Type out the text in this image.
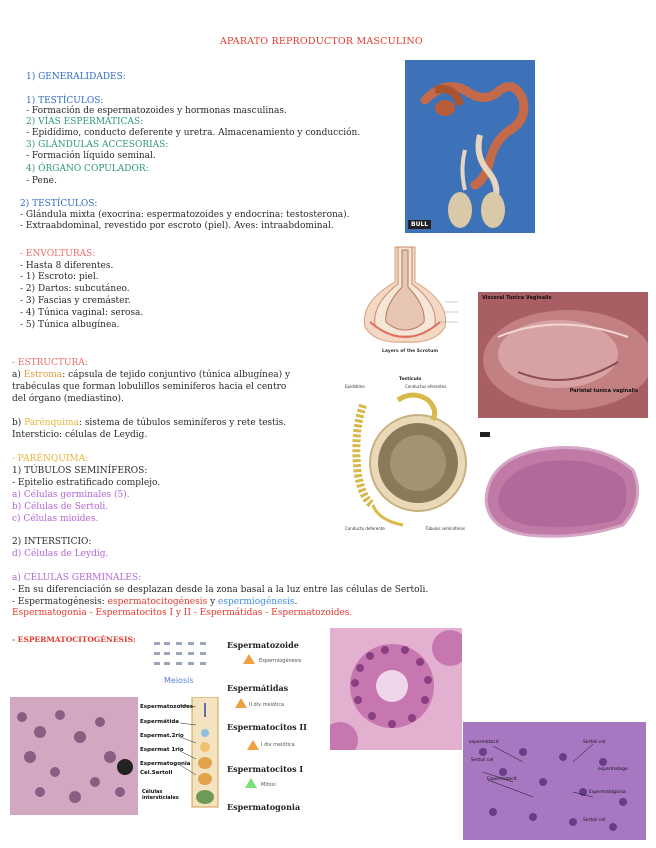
APARATO REPRODUCTOR MASCULINO
1) GENERALIDADES:
1) TESTÍCULOS:
- Formación de espermatozoides y hormonas masculinas.
2) VÍAS ESPERMÁTICAS:
- Epidídimo, conducto deferente y uretra. Almacenamiento y conducción.
3) GLÁNDULAS ACCESORIAS:
- Formación líquido seminal.
4) ÓRGANO COPULADOR:
- Pene.
2) TESTÍCULOS:
- Glándula mixta (exocrina: espermatozoides y endocrina: testosterona).
- Extraabdominal, revestido por escroto (piel). Aves: intraabdominal.
- ENVOLTURAS:
- Hasta 8 diferentes.
- 1) Escroto: piel.
- 2) Dartos: subcutáneo.
- 3) Fascias y cremáster.
- 4) Túnica vaginal: serosa.
- 5) Túnica albugínea.
- ESTRUCTURA:
a) Estroma: cápsula de tejido conjuntivo (túnica albugínea) y
trabéculas que forman lobulillos seminíferos hacia el centro
del órgano (mediastino).
b) Parénquima: sistema de túbulos seminíferos y rete testis.
Intersticio: células de Leydig.
- PARÉNQUIMA:
1) TÚBULOS SEMINÍFEROS:
- Epitelio estratificado complejo.
a) Células germinales (5).
b) Células de Sertoli.
c) Células mioides.
2) INTERSTICIO:
d) Células de Leydig.
a) CÉLULAS GERMINALES:
- En su diferenciación se desplazan desde la zona basal a la luz entre las células de Sertoli.
- Espermatogénesis: espermatocitogénesis y espermiogénesis.
Espermatogonia - Espermatocitos I y II - Espermátidas - Espermatozoides.
- ESPERMATOCITOGÉNESIS:
BULL
Layers of the Scrotum
Visceral Tunica Vaginalis
Parietal tunica vaginalis
Testículo
Conductos eferentes
Epidídimo
Conducto deferente	Túbulos seminíferos
Meiosis
Espermatozoides
Espermátida
Espermat.2rio
Espermat 1rio
Espermatogonia
Cel.Sertoli
Células intersticiales
Espermatozoide
Espermiogénesis
Espermátidas
II div meiótica
Espermatocitos II
I div meiótica
Espermatocitos I
Mitosi
Espermatogonia
espermatocit	Sertoli cel
Sertoli cel
espermatogo
Espermatocit
Espermatogonia
Sertoli cel
